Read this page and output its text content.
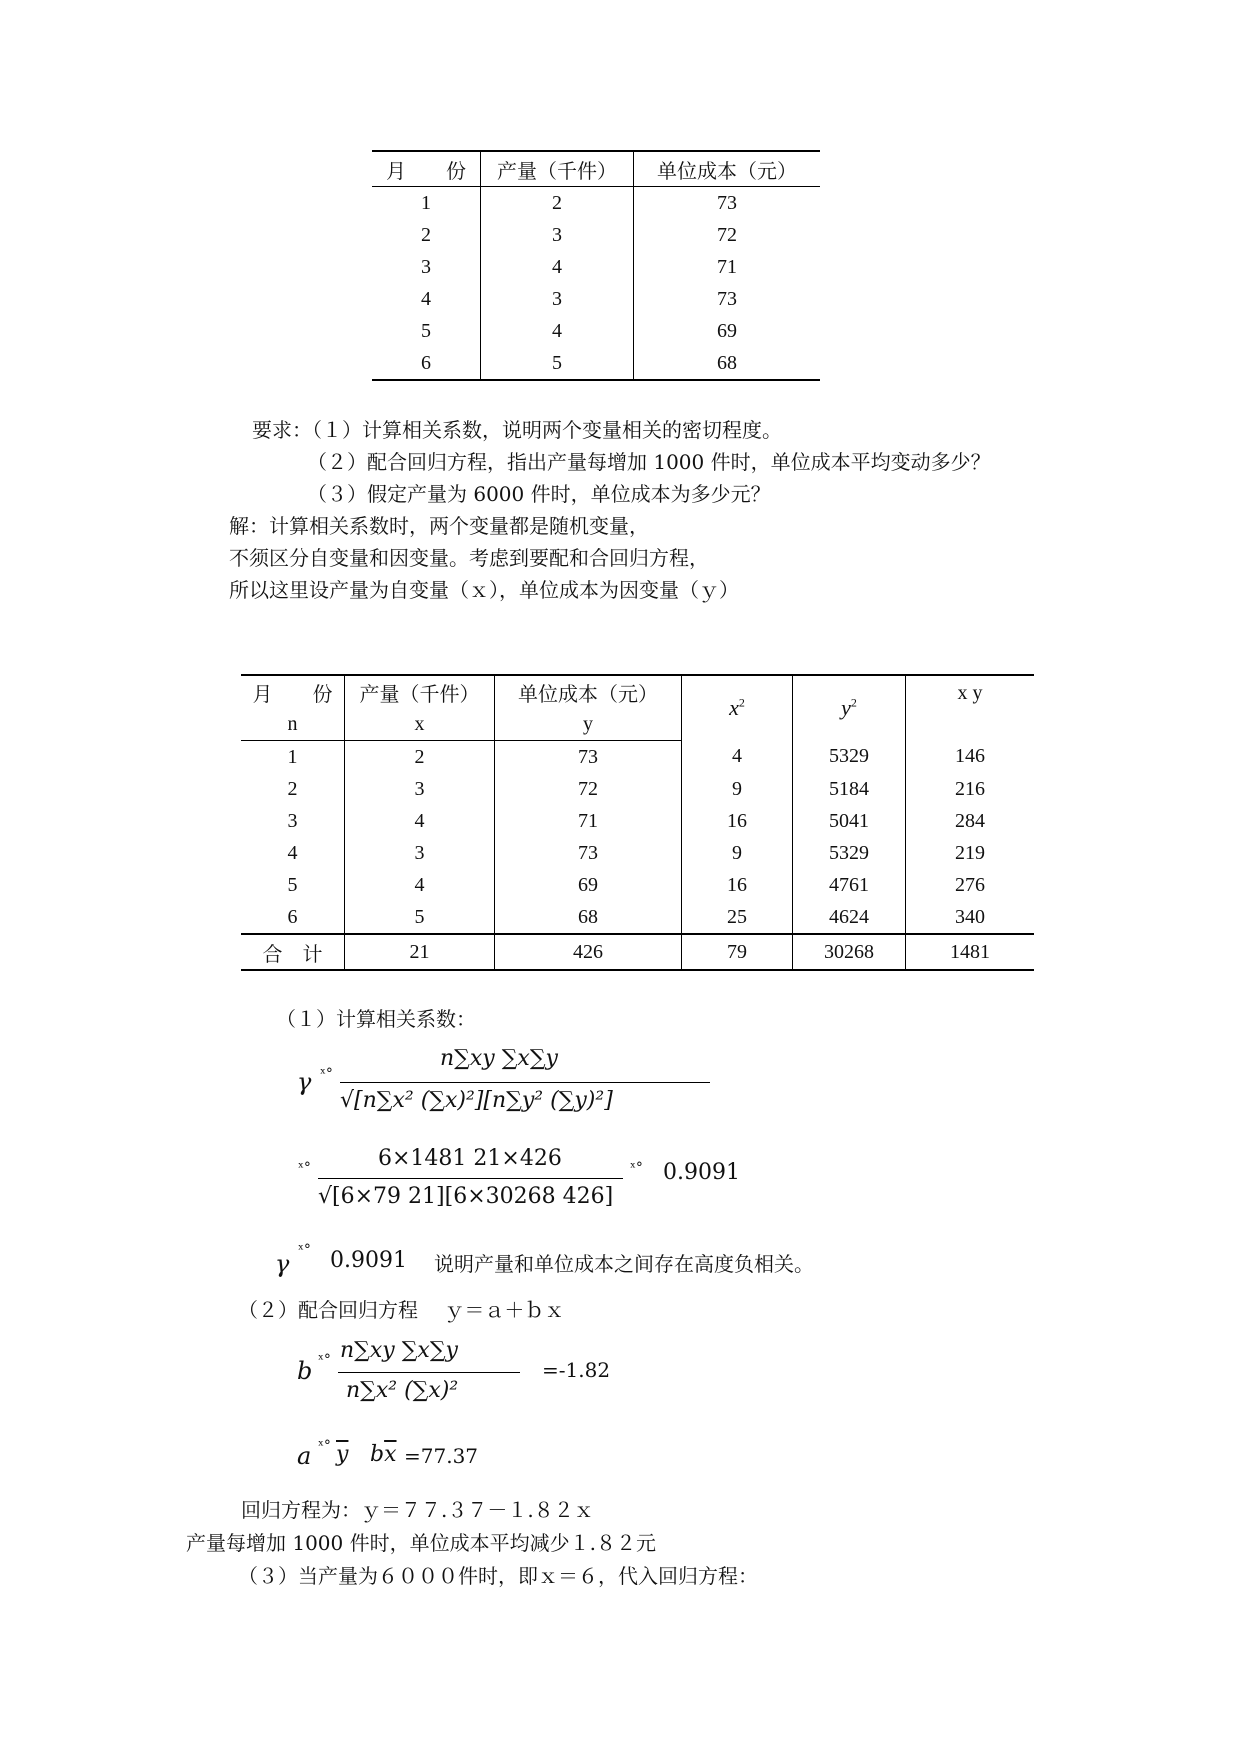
月　　份	产量（千件）	单位成本（元）
1	2	73
2	3	72
3	4	71
4	3	73
5	4	69
6	5	68
要求：（１）计算相关系数，说明两个变量相关的密切程度。
（２）配合回归方程，指出产量每增加 1000 件时，单位成本平均变动多少？
（３）假定产量为 6000 件时，单位成本为多少元？
解：计算相关系数时，两个变量都是随机变量，
不须区分自变量和因变量。考虑到要配和合回归方程，
所以这里设产量为自变量（ｘ），单位成本为因变量（ｙ）
月　　份	产量（千件）	单位成本（元）	$x^2$	$y^2$	x y
n	x	y			
1	2	73	4	5329	146
2	3	72	9	5184	216
3	4	71	16	5041	284
4	3	73	9	5329	219
5	4	69	16	4761	276
6	5	68	25	4624	340
合　计	21	426	79	30268	1481
（１）计算相关系数：
γ ˣ°
n∑xy ∑x∑y
√[n∑x² (∑x)²][n∑y² (∑y)²]
ˣ°	6×1481 21×426
√[6×79 21][6×30268 426]
ˣ° 0.9091
γ ˣ° 0.9091 说明产量和单位成本之间存在高度负相关。
（２）配合回归方程　 ｙ＝ａ＋ｂｘ
b ˣ° n∑xy ∑x∑y
n∑x² (∑x)²
=-1.82
a ˣ° $\overline{y}$ $b\overline{x} =77.37$
回归方程为：ｙ＝７７.３７－１.８２ｘ
产量每增加 1000 件时，单位成本平均减少１.８２元
（３）当产量为６０００件时，即ｘ＝６，代入回归方程：
